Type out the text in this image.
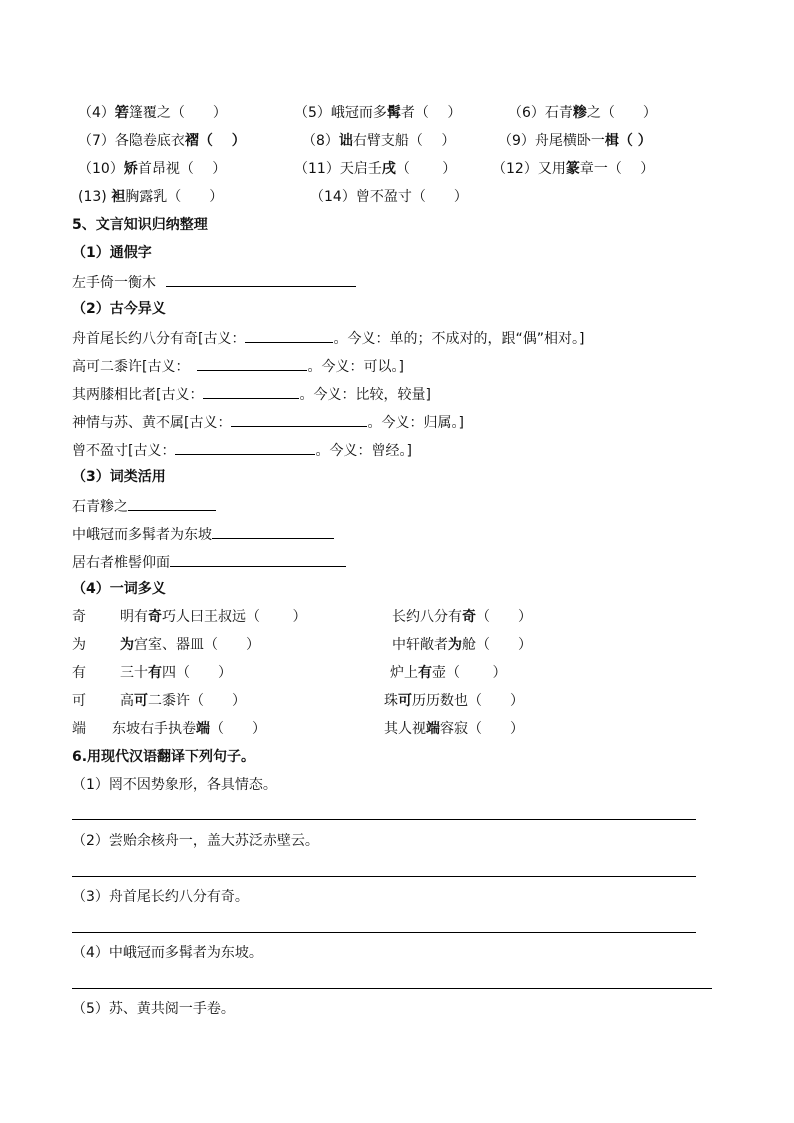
（4）箬篷覆之（　　）	（5）峨冠而多髯者（　 ）	（6）石青糁之（　　）
（7）各隐卷底衣褶（　 ）	（8）诎右臂支船（　 ）	（9）舟尾横卧一楫（ ）
（10）矫首昂视（　 ）	（11）天启壬戌（　　 ）	（12）又用篆章一（　 ）
(13) 袒胸露乳（　　）	（14）曾不盈寸（　　）
5、文言知识归纳整理
（1）通假字
左手倚一衡木
（2）古今异义
舟首尾长约八分有奇[古义：	。今义：单的；不成对的，跟“偶”相对。]
高可二黍许[古义：	。今义：可以。]
其两膝相比者[古义：	。今义：比较，较量]
神情与苏、黄不属[古义：	。今义：归属。]
曾不盈寸[古义：	。今义：曾经。]
（3）词类活用
石青糁之
中峨冠而多髯者为东坡
居右者椎髻仰面
（4）一词多义
奇 明有奇巧人曰王叔远（　　 ）	长约八分有奇（　　）
为 为宫室、器皿（　　）	中轩敞者为舱（　　）
有 三十有四（　　）	炉上有壶（　　 ）
可 高可二黍许（　　）	珠可历历数也（　　）
端 东坡右手执卷端（　　）	其人视端容寂（　　）
6.用现代汉语翻译下列句子。
（1）罔不因势象形，各具情态。
（2）尝贻余核舟一，盖大苏泛赤壁云。
（3）舟首尾长约八分有奇。
（4）中峨冠而多髯者为东坡。
（5）苏、黄共阅一手卷。
